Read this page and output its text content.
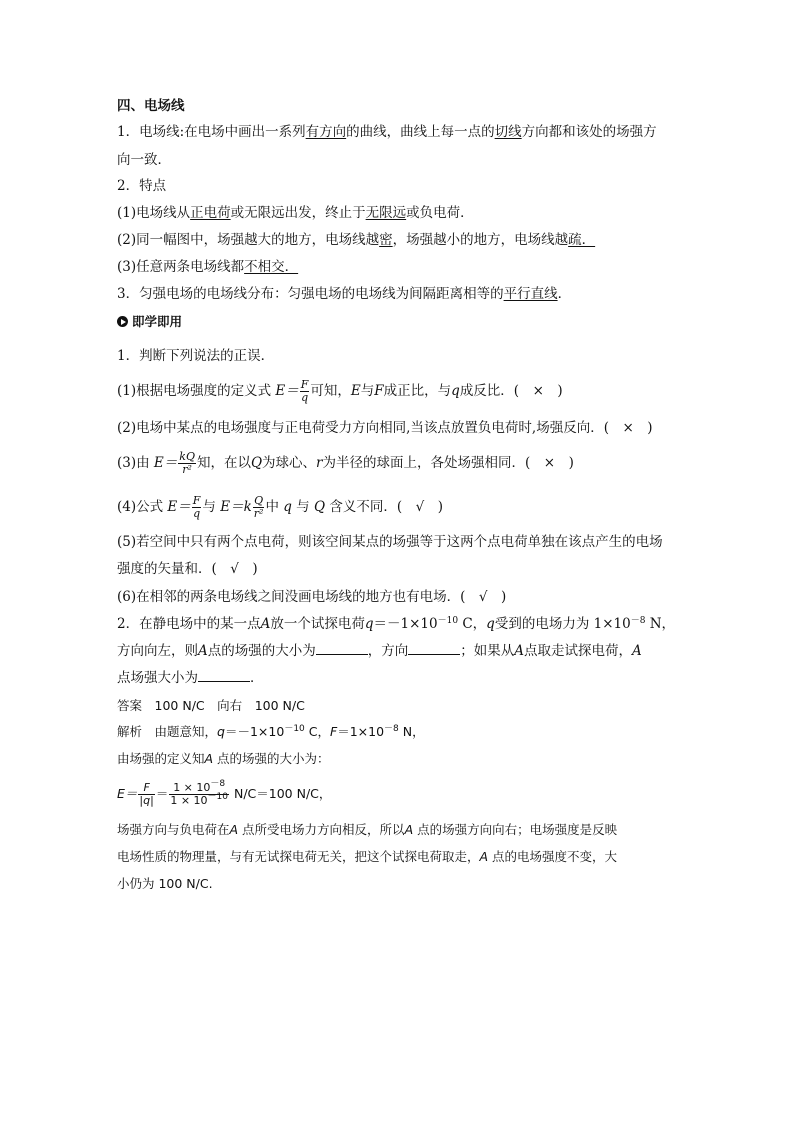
四、电场线
1．电场线:在电场中画出一系列有方向的曲线，曲线上每一点的切线方向都和该处的场强方
向一致．
2．特点
(1)电场线从正电荷或无限远出发，终止于无限远或负电荷．
(2)同一幅图中，场强越大的地方，电场线越密，场强越小的地方，电场线越疏．
(3)任意两条电场线都不相交．
3．匀强电场的电场线分布：匀强电场的电场线为间隔距离相等的平行直线．
即学即用
1．判断下列说法的正误．
(1)根据电场强度的定义式 $E= \frac{F}{q}$ 可知，E与F成正比，与q成反比．(　×　)
(2)电场中某点的电场强度与正电荷受力方向相同,当该点放置负电荷时,场强反向．(　×　)
(3)由 $E= \frac{kQ}{\text{r²}}$ 知，在以Q为球心、r为半径的球面上，各处场强相同．(　×　)
(4)公式 $E= \frac{F}{q}$ 与 $E=k \frac{Q}{\text{r²}}$ 中 q 与 Q 含义不同．(　√　)
(5)若空间中只有两个点电荷，则该空间某点的场强等于这两个点电荷单独在该点产生的电场
强度的矢量和．(　√　)
(6)在相邻的两条电场线之间没画电场线的地方也有电场．(　√　)
2．在静电场中的某一点A放一个试探电荷$q=-1\times 10^{-10}$ C，q受到的电场力为 $1\times 10^{-8}$ N，
方向向左，则A点的场强的大小为	，方向	；如果从A点取走试探电荷，A
点场强大小为	．
答案　 100 N/C　 向右　 100 N/C
解析　 由题意知，$q=-1\times 10^{-10}$ C，$F=1\times 10^{-8}$ N，
由场强的定义知A 点的场强的大小为：
$E= \frac{F}{|q|} = \frac{1 \times 10^{-8}}{1 \times 10^{-10}} N/C=100$ N/C，
场强方向与负电荷在A 点所受电场力方向相反，所以A 点的场强方向向右；电场强度是反映
电场性质的物理量，与有无试探电荷无关，把这个试探电荷取走，A 点的电场强度不变，大
小仍为 100 N/C.
